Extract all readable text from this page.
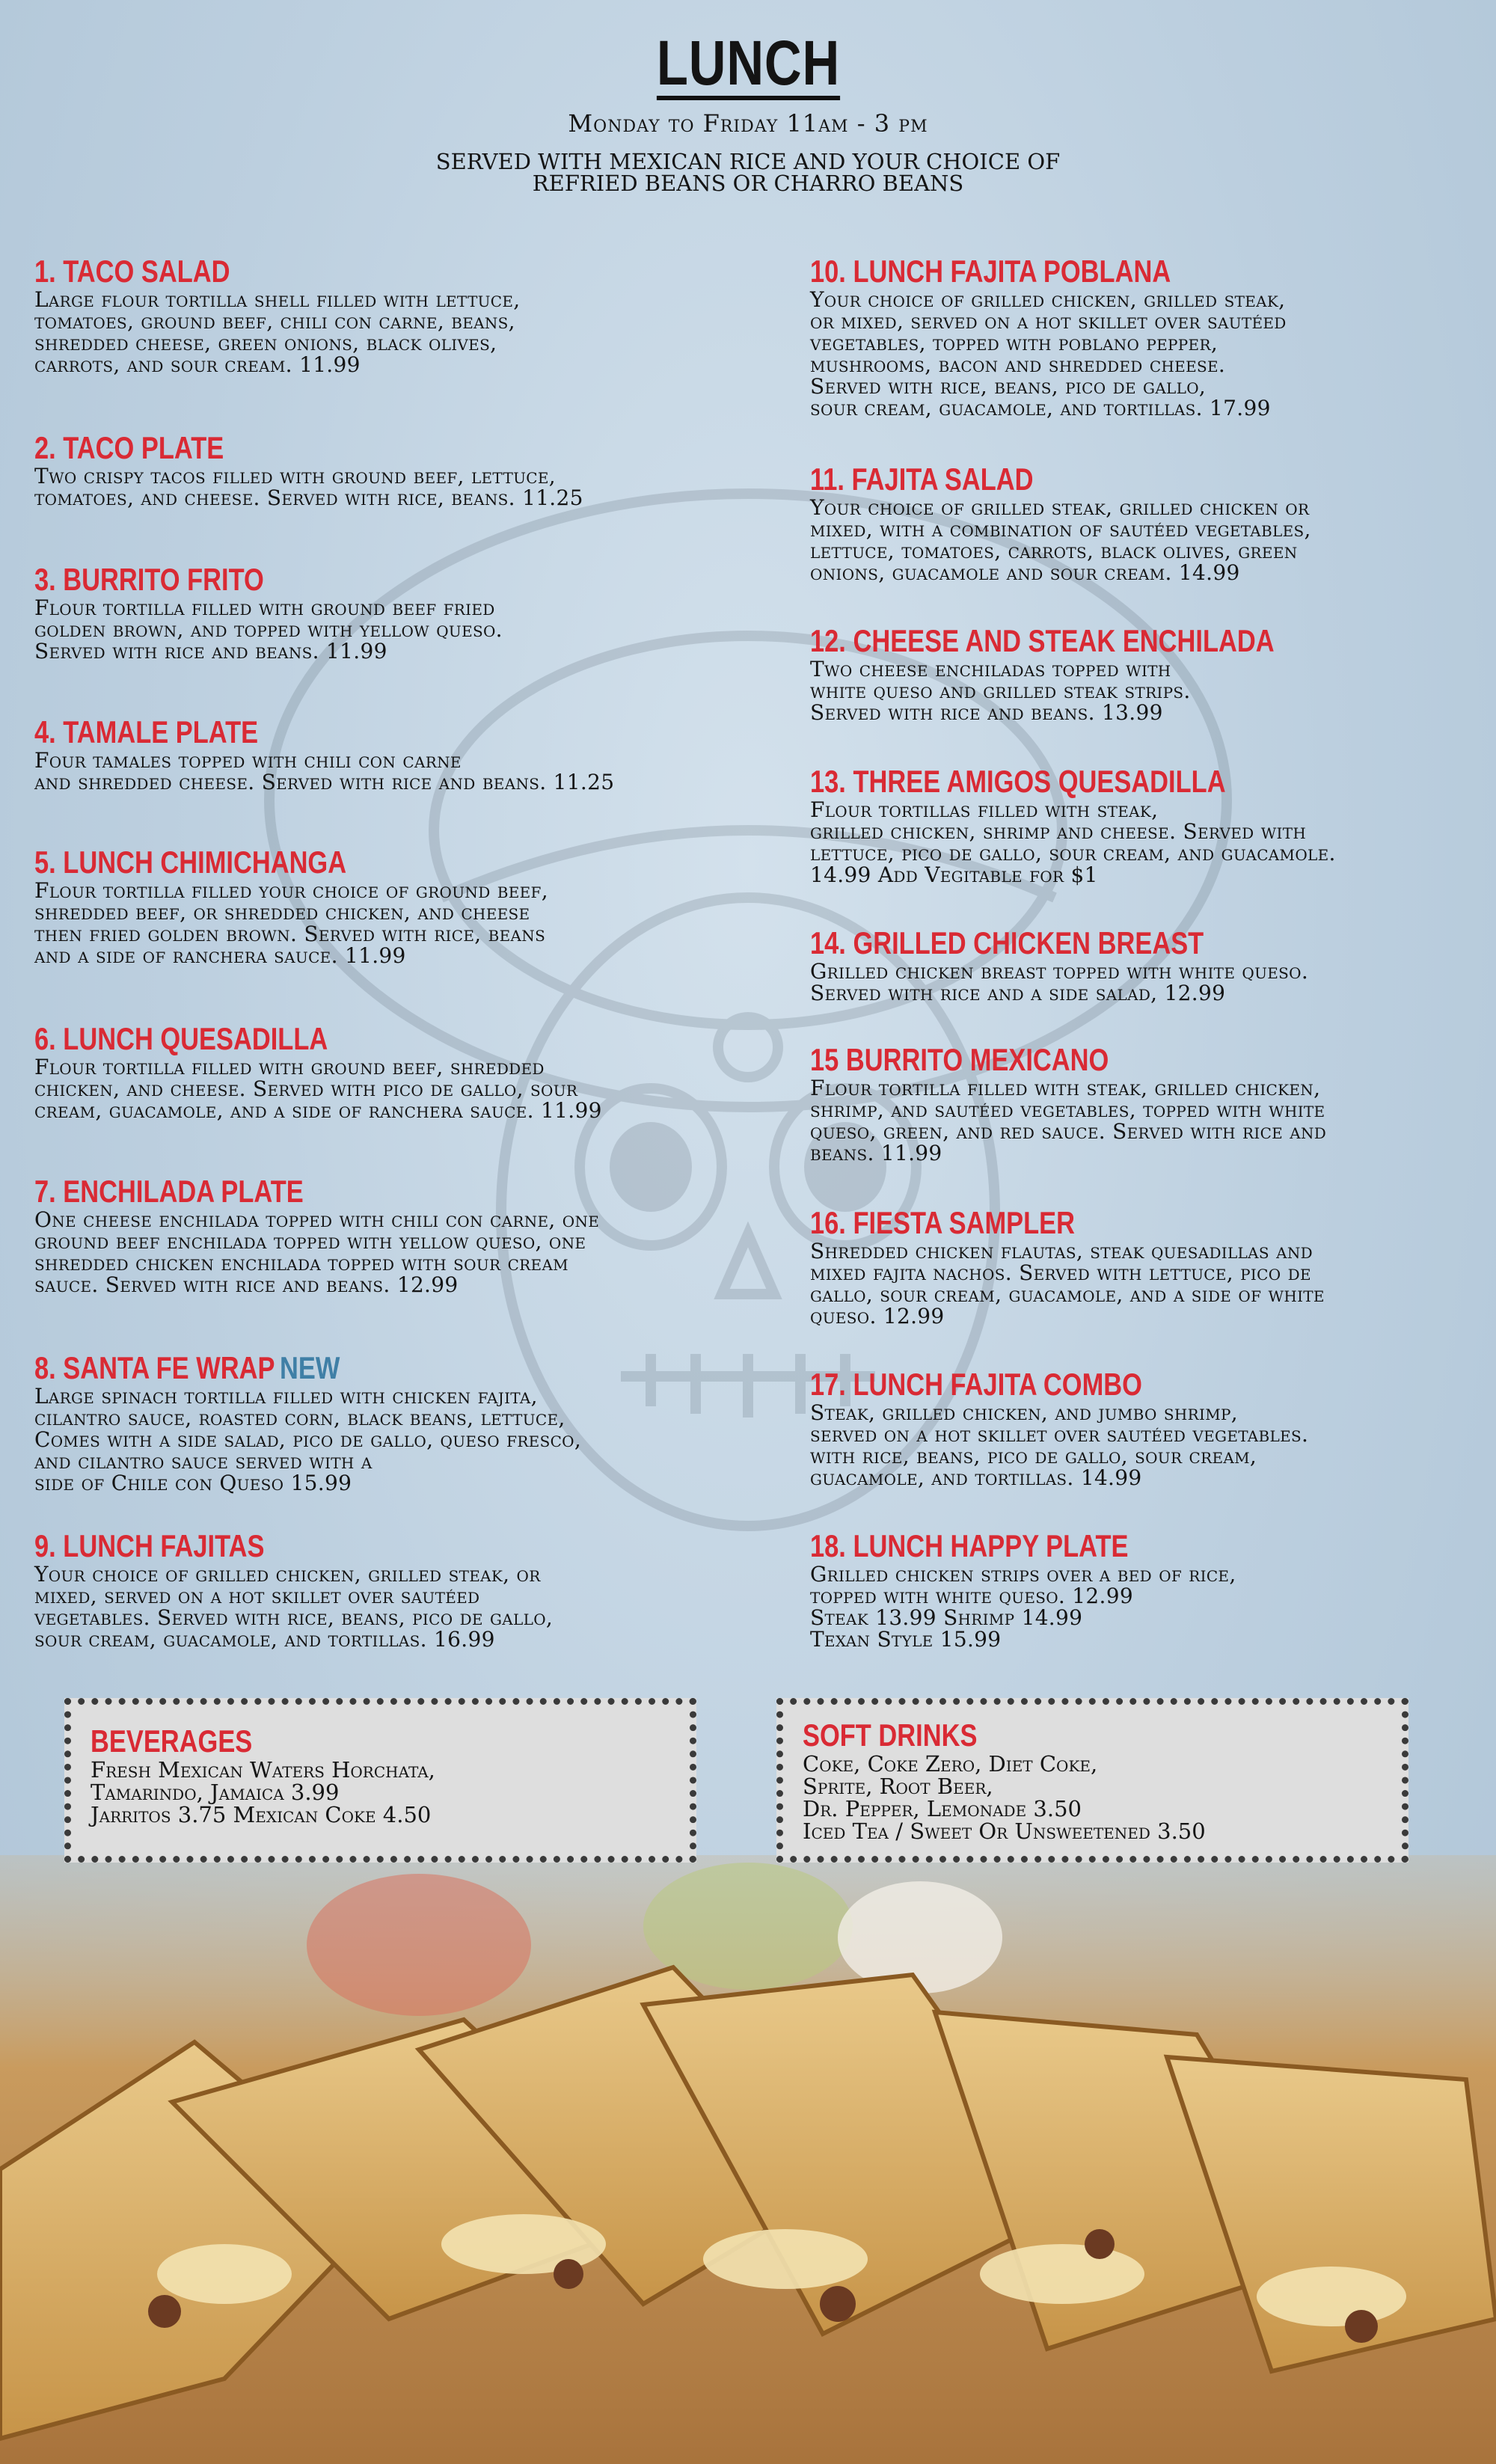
LUNCH
Monday to Friday 11am - 3 pm
SERVED WITH MEXICAN RICE AND YOUR CHOICE OF
REFRIED BEANS OR CHARRO BEANS
1. TACO SALAD
Large flour tortilla shell filled with lettuce,
tomatoes, ground beef, chili con carne, beans,
shredded cheese, green onions, black olives,
carrots, and sour cream. 11.99
2. TACO PLATE
Two crispy tacos filled with ground beef, lettuce,
tomatoes, and cheese. Served with rice, beans. 11.25
3. BURRITO FRITO
Flour tortilla filled with ground beef fried
golden brown, and topped with yellow queso.
Served with rice and beans. 11.99
4. TAMALE PLATE
Four tamales topped with chili con carne
and shredded cheese. Served with rice and beans. 11.25
5. LUNCH CHIMICHANGA
Flour tortilla filled your choice of ground beef,
shredded beef, or shredded chicken, and cheese
then fried golden brown. Served with rice, beans
and a side of ranchera sauce. 11.99
6. LUNCH QUESADILLA
Flour tortilla filled with ground beef, shredded
chicken, and cheese. Served with pico de gallo, sour
cream, guacamole, and a side of ranchera sauce. 11.99
7. ENCHILADA PLATE
One cheese enchilada topped with chili con carne, one
ground beef enchilada topped with yellow queso, one
shredded chicken enchilada topped with sour cream
sauce. Served with rice and beans. 12.99
8. SANTA FE WRAP NEW
Large spinach tortilla filled with chicken fajita,
cilantro sauce, roasted corn, black beans, lettuce,
Comes with a side salad, pico de gallo, queso fresco,
and cilantro sauce served with a
side of Chile con Queso 15.99
9. LUNCH FAJITAS
Your choice of grilled chicken, grilled steak, or
mixed, served on a hot skillet over sautéed
vegetables. Served with rice, beans, pico de gallo,
sour cream, guacamole, and tortillas. 16.99
10. LUNCH FAJITA POBLANA
Your choice of grilled chicken, grilled steak,
or mixed, served on a hot skillet over sautéed
vegetables, topped with poblano pepper,
mushrooms, bacon and shredded cheese.
Served with rice, beans, pico de gallo,
sour cream, guacamole, and tortillas. 17.99
11. FAJITA SALAD
Your choice of grilled steak, grilled chicken or
mixed, with a combination of sautéed vegetables,
lettuce, tomatoes, carrots, black olives, green
onions, guacamole and sour cream. 14.99
12. CHEESE AND STEAK ENCHILADA
Two cheese enchiladas topped with
white queso and grilled steak strips.
Served with rice and beans. 13.99
13. THREE AMIGOS QUESADILLA
Flour tortillas filled with steak,
grilled chicken, shrimp and cheese. Served with
lettuce, pico de gallo, sour cream, and guacamole.
14.99 Add Vegitable for $1
14. GRILLED CHICKEN BREAST
Grilled chicken breast topped with white queso.
Served with rice and a side salad, 12.99
15 BURRITO MEXICANO
Flour tortilla filled with steak, grilled chicken,
shrimp, and sautéed vegetables, topped with white
queso, green, and red sauce. Served with rice and
beans. 11.99
16. FIESTA SAMPLER
Shredded chicken flautas, steak quesadillas and
mixed fajita nachos. Served with lettuce, pico de
gallo, sour cream, guacamole, and a side of white
queso. 12.99
17. LUNCH FAJITA COMBO
Steak, grilled chicken, and jumbo shrimp,
served on a hot skillet over sautéed vegetables.
with rice, beans, pico de gallo, sour cream,
guacamole, and tortillas. 14.99
18. LUNCH HAPPY PLATE
Grilled chicken strips over a bed of rice,
topped with white queso. 12.99
Steak 13.99 Shrimp 14.99
Texan Style 15.99
BEVERAGES
Fresh Mexican Waters Horchata,
Tamarindo, Jamaica 3.99
Jarritos 3.75 Mexican Coke 4.50
SOFT DRINKS
Coke, Coke Zero, Diet Coke,
Sprite, Root Beer,
Dr. Pepper, Lemonade 3.50
Iced Tea / Sweet Or Unsweetened 3.50
